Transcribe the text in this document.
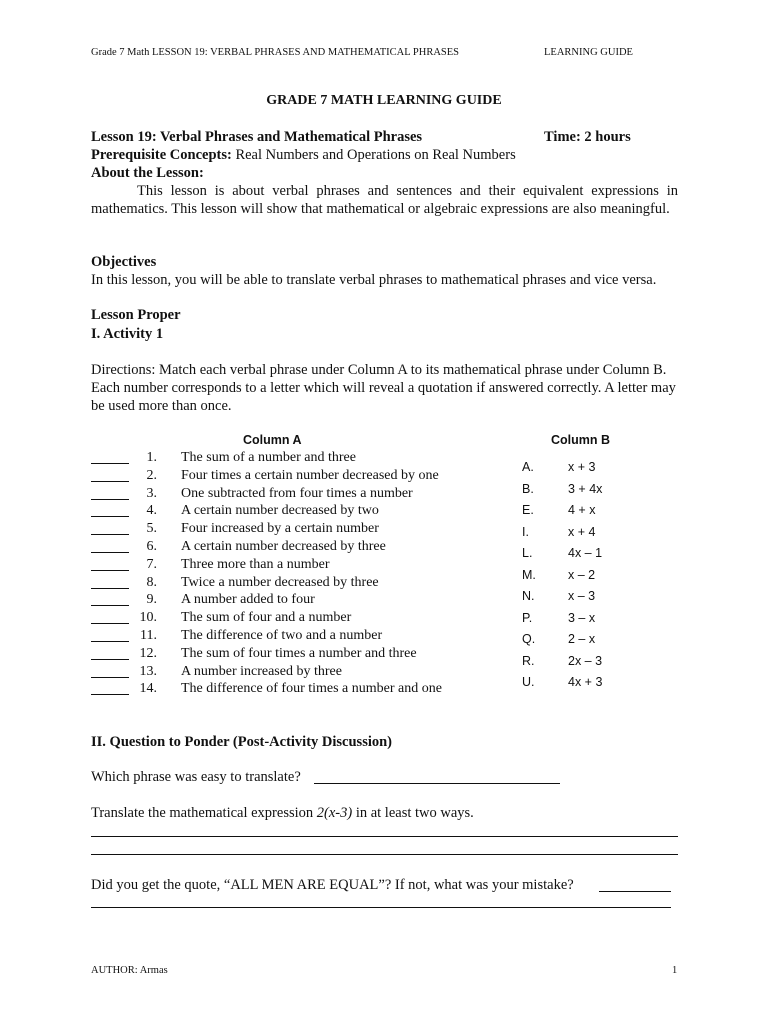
Grade 7 Math LESSON 19: VERBAL PHRASES AND MATHEMATICAL PHRASES	LEARNING GUIDE
GRADE 7 MATH LEARNING GUIDE
Lesson 19: Verbal Phrases and Mathematical Phrases	Time: 2 hours
Prerequisite Concepts: Real Numbers and Operations on Real Numbers
About the Lesson:
This lesson is about verbal phrases and sentences and their equivalent expressions in mathematics. This lesson will show that mathematical or algebraic expressions are also meaningful.
Objectives
In this lesson, you will be able to translate verbal phrases to mathematical phrases and vice versa.
Lesson Proper
I. Activity 1
Directions: Match each verbal phrase under Column A to its mathematical phrase under Column B. Each number corresponds to a letter which will reveal a quotation if answered correctly. A letter may be used more than once.
Column A	Column B
1. The sum of a number and three
2. Four times a certain number decreased by one
3. One subtracted from four times a number
4. A certain number decreased by two
5. Four increased by a certain number
6. A certain number decreased by three
7. Three more than a number
8. Twice a number decreased by three
9. A number added to four
10. The sum of four and a number
11. The difference of two and a number
12. The sum of four times a number and three
13. A number increased by three
14. The difference of four times a number and one
A.	x + 3
B.	3 + 4x
E.	4 + x
I.	x + 4
L.	4x – 1
M.	x – 2
N.	x – 3
P.	3 – x
Q.	2 – x
R.	2x – 3
U.	4x + 3
II. Question to Ponder (Post-Activity Discussion)
Which phrase was easy to translate?
Translate the mathematical expression 2(x-3) in at least two ways.
Did you get the quote, “ALL MEN ARE EQUAL”? If not, what was your mistake?
AUTHOR: Armas	1
